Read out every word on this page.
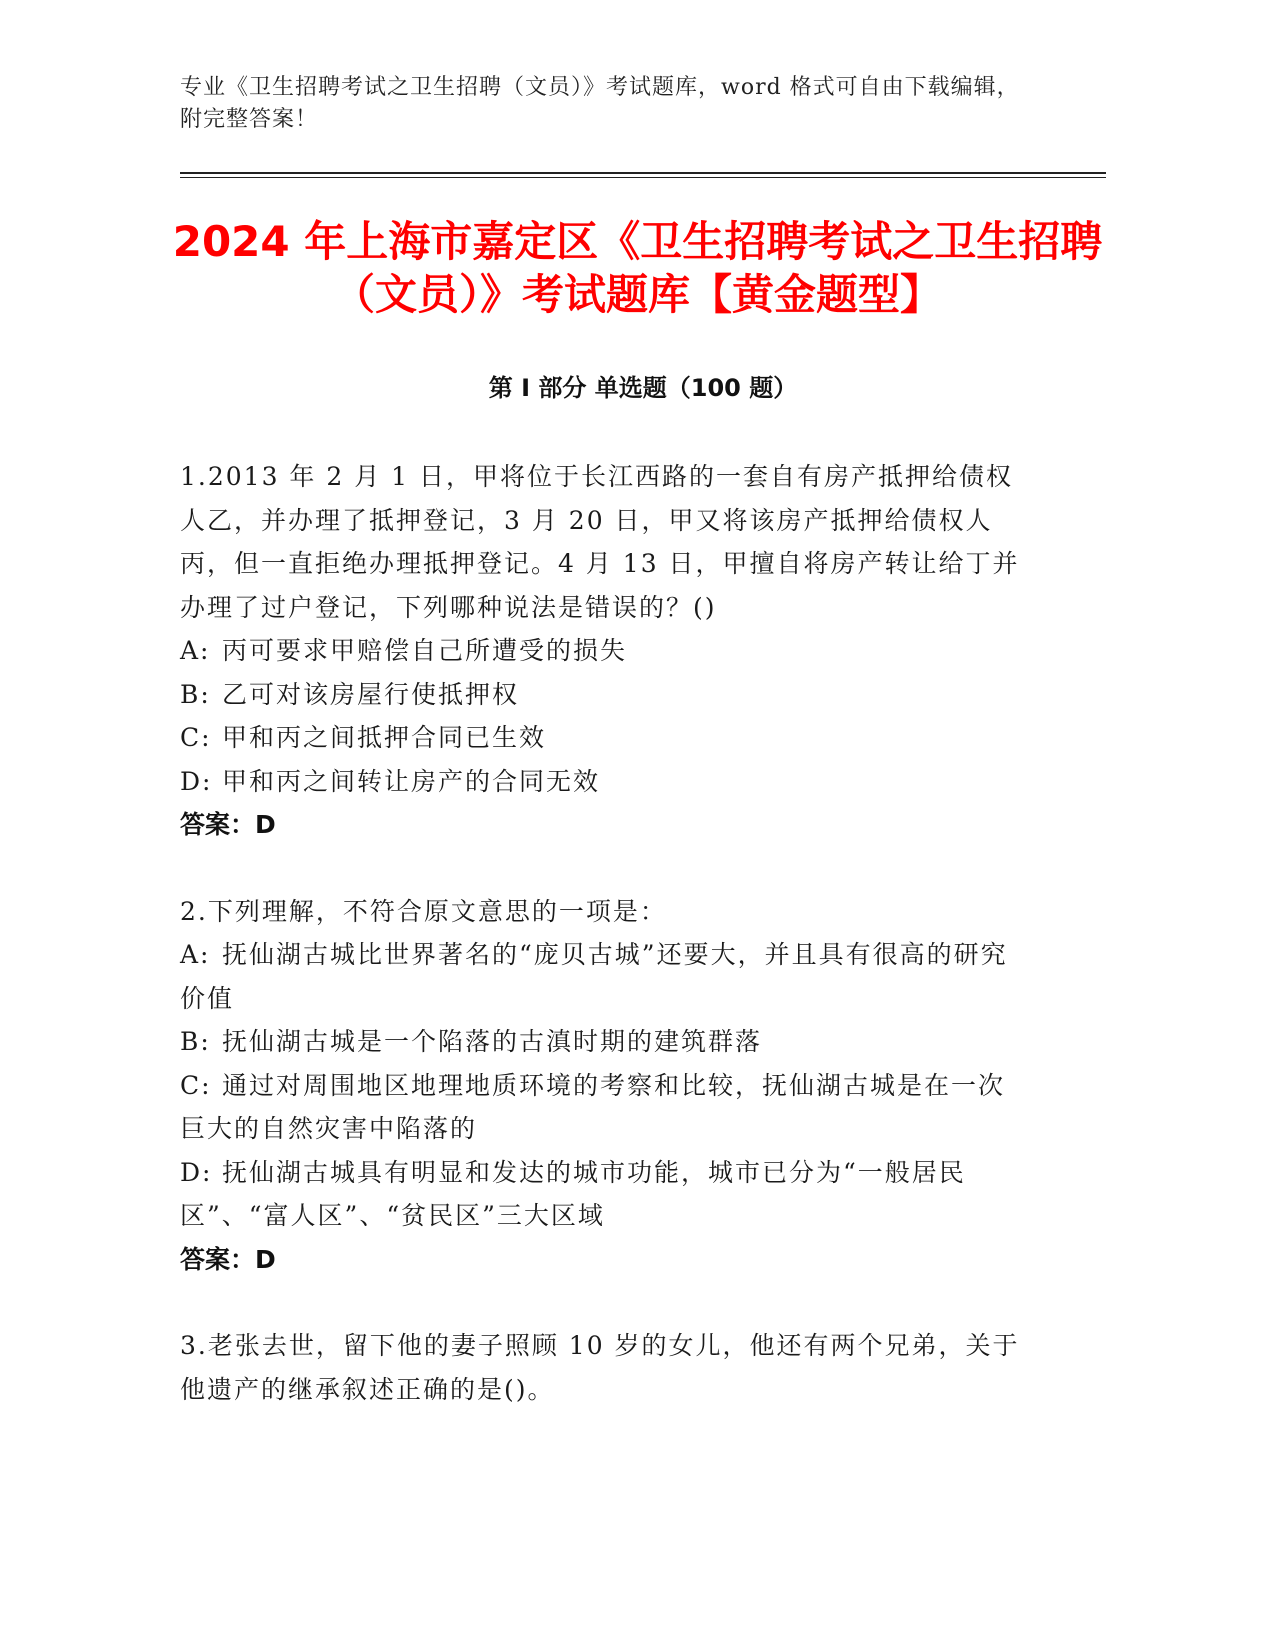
专业《卫生招聘考试之卫生招聘（文员）》考试题库，word 格式可自由下载编辑，附完整答案！
2024 年上海市嘉定区《卫生招聘考试之卫生招聘（文员）》考试题库【黄金题型】
第 I 部分 单选题（100 题）

1.2013 年 2 月 1 日，甲将位于长江西路的一套自有房产抵押给债权人乙，并办理了抵押登记，3 月 20 日，甲又将该房产抵押给债权人丙，但一直拒绝办理抵押登记。4 月 13 日，甲擅自将房产转让给丁并办理了过户登记，下列哪种说法是错误的？()

A: 丙可要求甲赔偿自己所遭受的损失

B: 乙可对该房屋行使抵押权

C: 甲和丙之间抵押合同已生效

D: 甲和丙之间转让房产的合同无效

答案：D

2.下列理解，不符合原文意思的一项是：

A: 抚仙湖古城比世界著名的“庞贝古城”还要大，并且具有很高的研究价值

B: 抚仙湖古城是一个陷落的古滇时期的建筑群落

C: 通过对周围地区地理地质环境的考察和比较，抚仙湖古城是在一次巨大的自然灾害中陷落的

D: 抚仙湖古城具有明显和发达的城市功能，城市已分为“一般居民区”、“富人区”、“贫民区”三大区域

答案：D

3.老张去世，留下他的妻子照顾 10 岁的女儿，他还有两个兄弟，关于他遗产的继承叙述正确的是()。
